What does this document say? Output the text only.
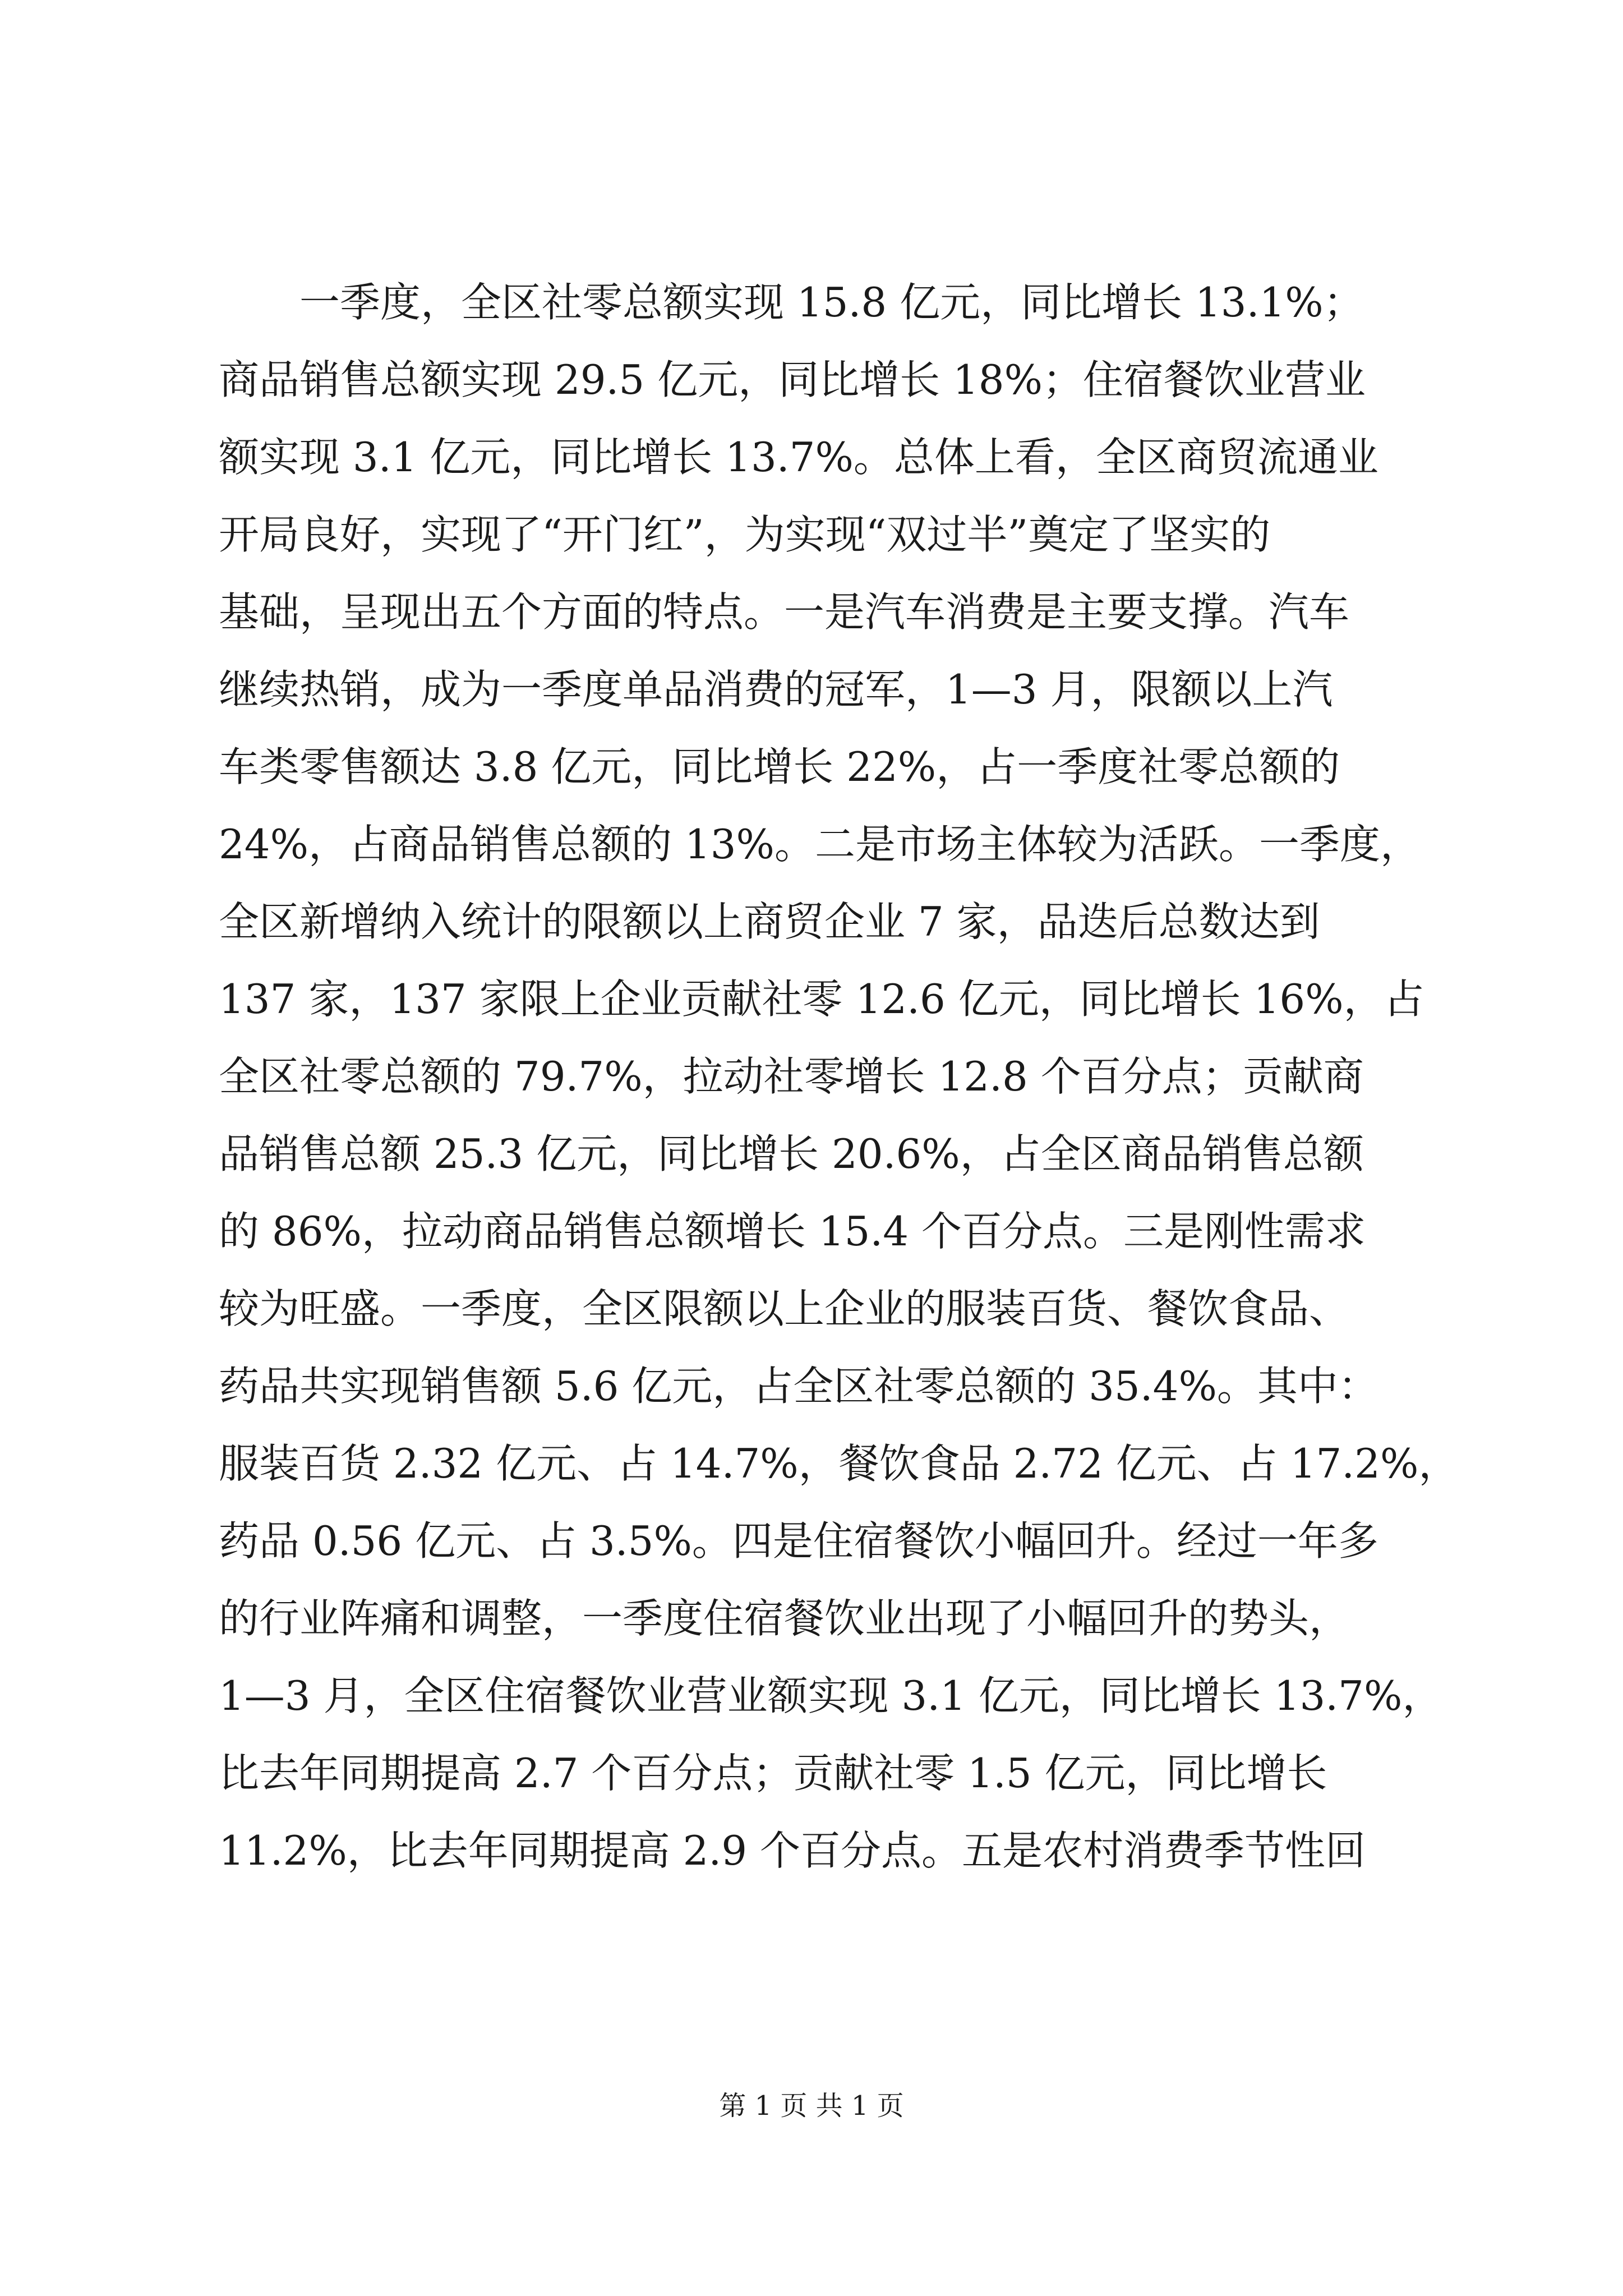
一季度，全区社零总额实现 15.8 亿元，同比增长 13.1%；
商品销售总额实现 29.5 亿元，同比增长 18%；住宿餐饮业营业
额实现 3.1 亿元，同比增长 13.7%。总体上看，全区商贸流通业
开局良好，实现了“开门红”，为实现“双过半”奠定了坚实的
基础，呈现出五个方面的特点。一是汽车消费是主要支撑。汽车
继续热销，成为一季度单品消费的冠军，1—3 月，限额以上汽
车类零售额达 3.8 亿元，同比增长 22%，占一季度社零总额的
24%，占商品销售总额的 13%。二是市场主体较为活跃。一季度，
全区新增纳入统计的限额以上商贸企业 7 家，品迭后总数达到
137 家，137 家限上企业贡献社零 12.6 亿元，同比增长 16%，占
全区社零总额的 79.7%，拉动社零增长 12.8 个百分点；贡献商
品销售总额 25.3 亿元，同比增长 20.6%，占全区商品销售总额
的 86%，拉动商品销售总额增长 15.4 个百分点。三是刚性需求
较为旺盛。一季度，全区限额以上企业的服装百货、餐饮食品、
药品共实现销售额 5.6 亿元，占全区社零总额的 35.4%。其中：
服装百货 2.32 亿元、占 14.7%，餐饮食品 2.72 亿元、占 17.2%，
药品 0.56 亿元、占 3.5%。四是住宿餐饮小幅回升。经过一年多
的行业阵痛和调整，一季度住宿餐饮业出现了小幅回升的势头，
1—3 月，全区住宿餐饮业营业额实现 3.1 亿元，同比增长 13.7%，
比去年同期提高 2.7 个百分点；贡献社零 1.5 亿元，同比增长
11.2%，比去年同期提高 2.9 个百分点。五是农村消费季节性回
第 1 页 共 1 页
